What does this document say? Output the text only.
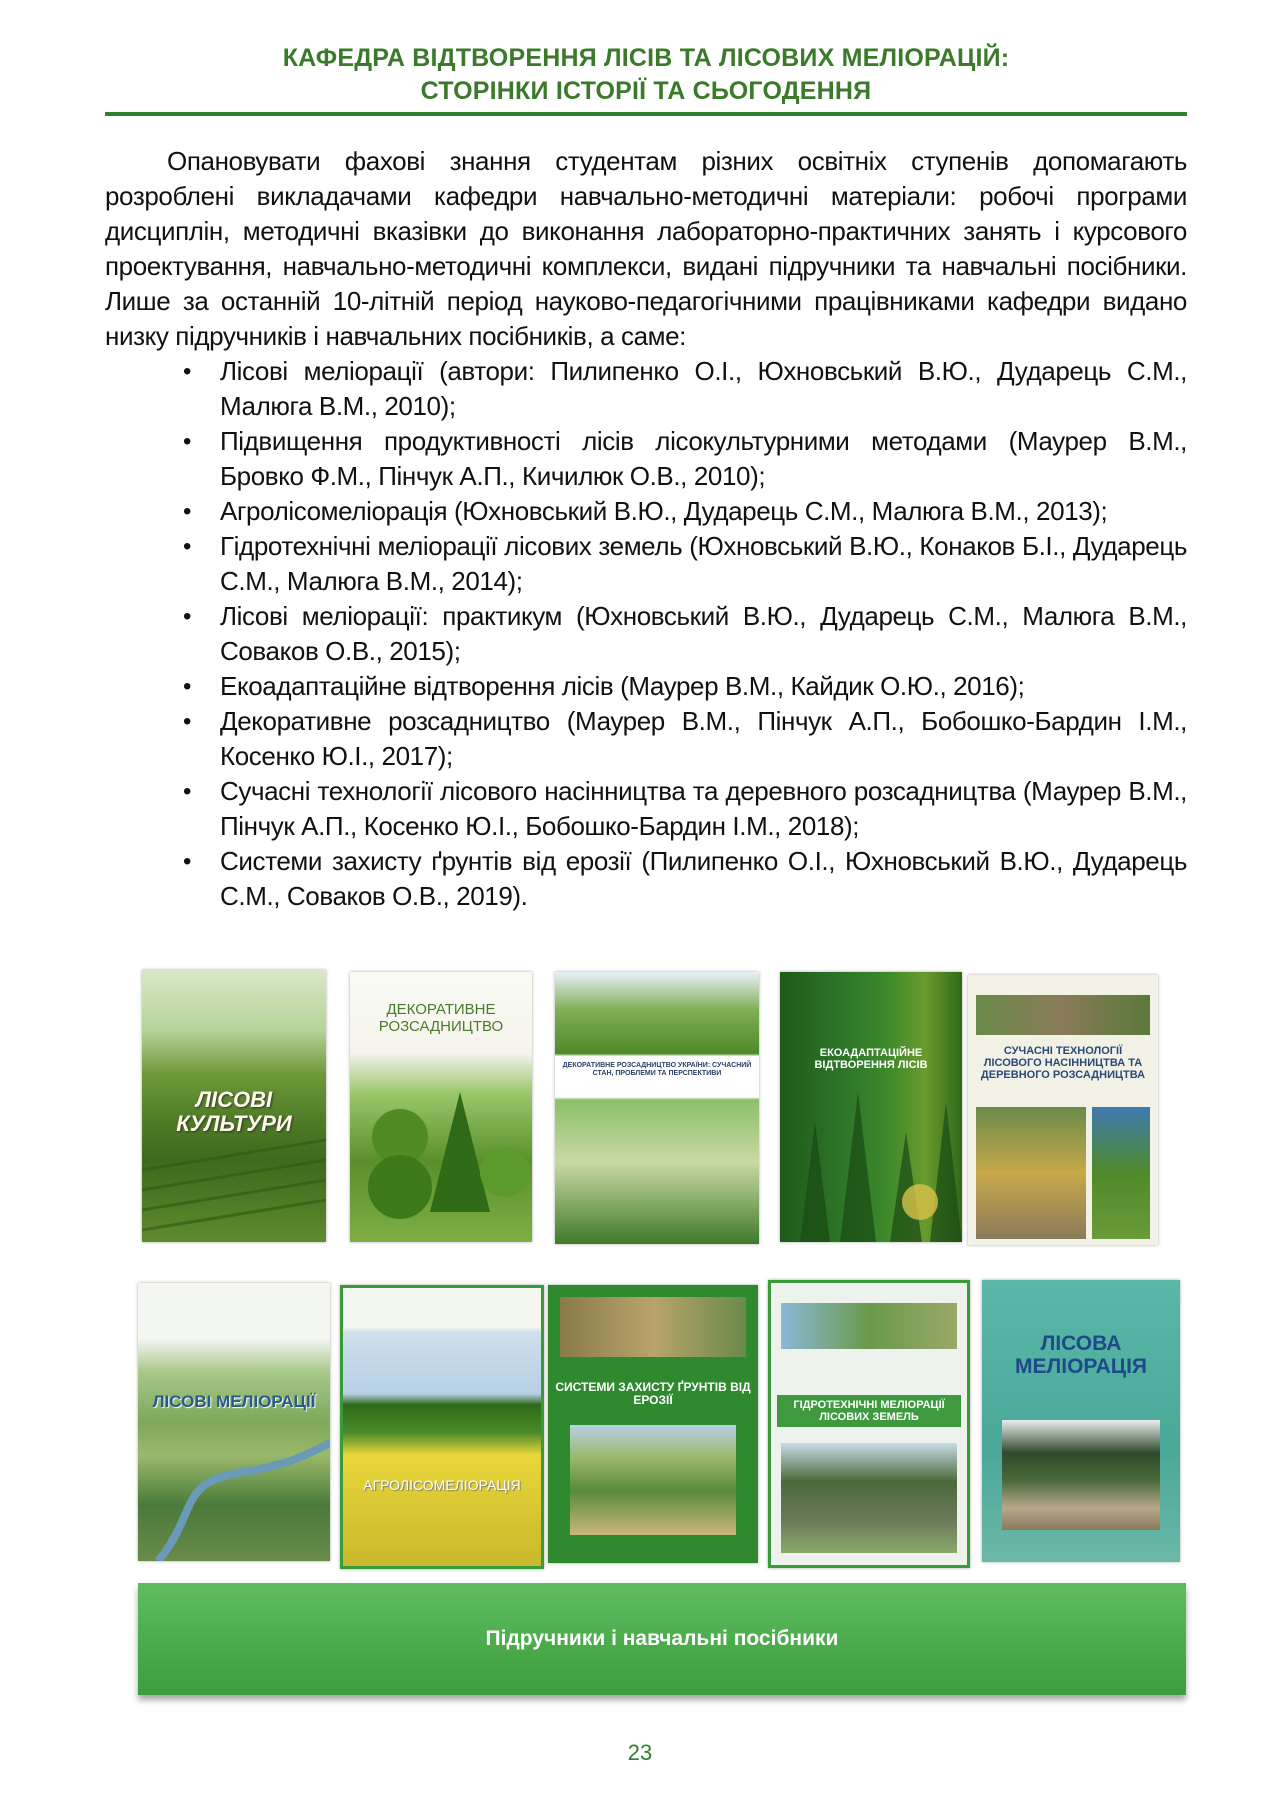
КАФЕДРА ВІДТВОРЕННЯ ЛІСІВ ТА ЛІСОВИХ МЕЛІОРАЦІЙ:
СТОРІНКИ ІСТОРІЇ ТА СЬОГОДЕННЯ

Опановувати фахові знання студентам різних освітніх ступенів допомагають розроблені викладачами кафедри навчально-методичні матеріали: робочі програми дисциплін, методичні вказівки до виконання лабораторно-практичних занять і курсового проектування, навчально-методичні комплекси, видані підручники та навчальні посібники. Лише за останній 10-літній період науково-педагогічними працівниками кафедри видано низку підручників і навчальних посібників, а саме:

• Лісові меліорації (автори: Пилипенко О.І., Юхновський В.Ю., Дударець С.М., Малюга В.М., 2010);
• Підвищення продуктивності лісів лісокультурними методами (Маурер В.М., Бровко Ф.М., Пінчук А.П., Кичилюк О.В., 2010);
• Агролісомеліорація (Юхновський В.Ю., Дударець С.М., Малюга В.М., 2013);
• Гідротехнічні меліорації лісових земель (Юхновський В.Ю., Конаков Б.І., Дударець С.М., Малюга В.М., 2014);
• Лісові меліорації: практикум (Юхновський В.Ю., Дударець С.М., Малюга В.М., Соваков О.В., 2015);
• Екоадаптаційне відтворення лісів (Маурер В.М., Кайдик О.Ю., 2016);
• Декоративне розсадництво (Маурер В.М., Пінчук А.П., Бобошко-Бардин І.М., Косенко Ю.І., 2017);
• Сучасні технології лісового насінництва та деревного розсадництва (Маурер В.М., Пінчук А.П., Косенко Ю.І., Бобошко-Бардин І.М., 2018);
• Системи захисту ґрунтів від ерозії (Пилипенко О.І., Юхновський В.Ю., Дударець С.М., Соваков О.В., 2019).
ЛІСОВІ КУЛЬТУРИ
ДЕКОРАТИВНЕ РОЗСАДНИЦТВО
ДЕКОРАТИВНЕ РОЗСАДНИЦТВО УКРАЇНИ: СУЧАСНИЙ СТАН, ПРОБЛЕМИ ТА ПЕРСПЕКТИВИ
ЕКОАДАПТАЦІЙНЕ ВІДТВОРЕННЯ ЛІСІВ
СУЧАСНІ ТЕХНОЛОГІЇ ЛІСОВОГО НАСІННИЦТВА ТА ДЕРЕВНОГО РОЗСАДНИЦТВА
ЛІСОВІ МЕЛІОРАЦІЇ
АГРОЛІСОМЕЛІОРАЦІЯ
СИСТЕМИ ЗАХИСТУ ҐРУНТІВ ВІД ЕРОЗІЇ	ГІДРОТЕХНІЧНІ МЕЛІОРАЦІЇ ЛІСОВИХ ЗЕМЕЛЬ
ЛІСОВА МЕЛІОРАЦІЯ
Підручники і навчальні посібники
23
